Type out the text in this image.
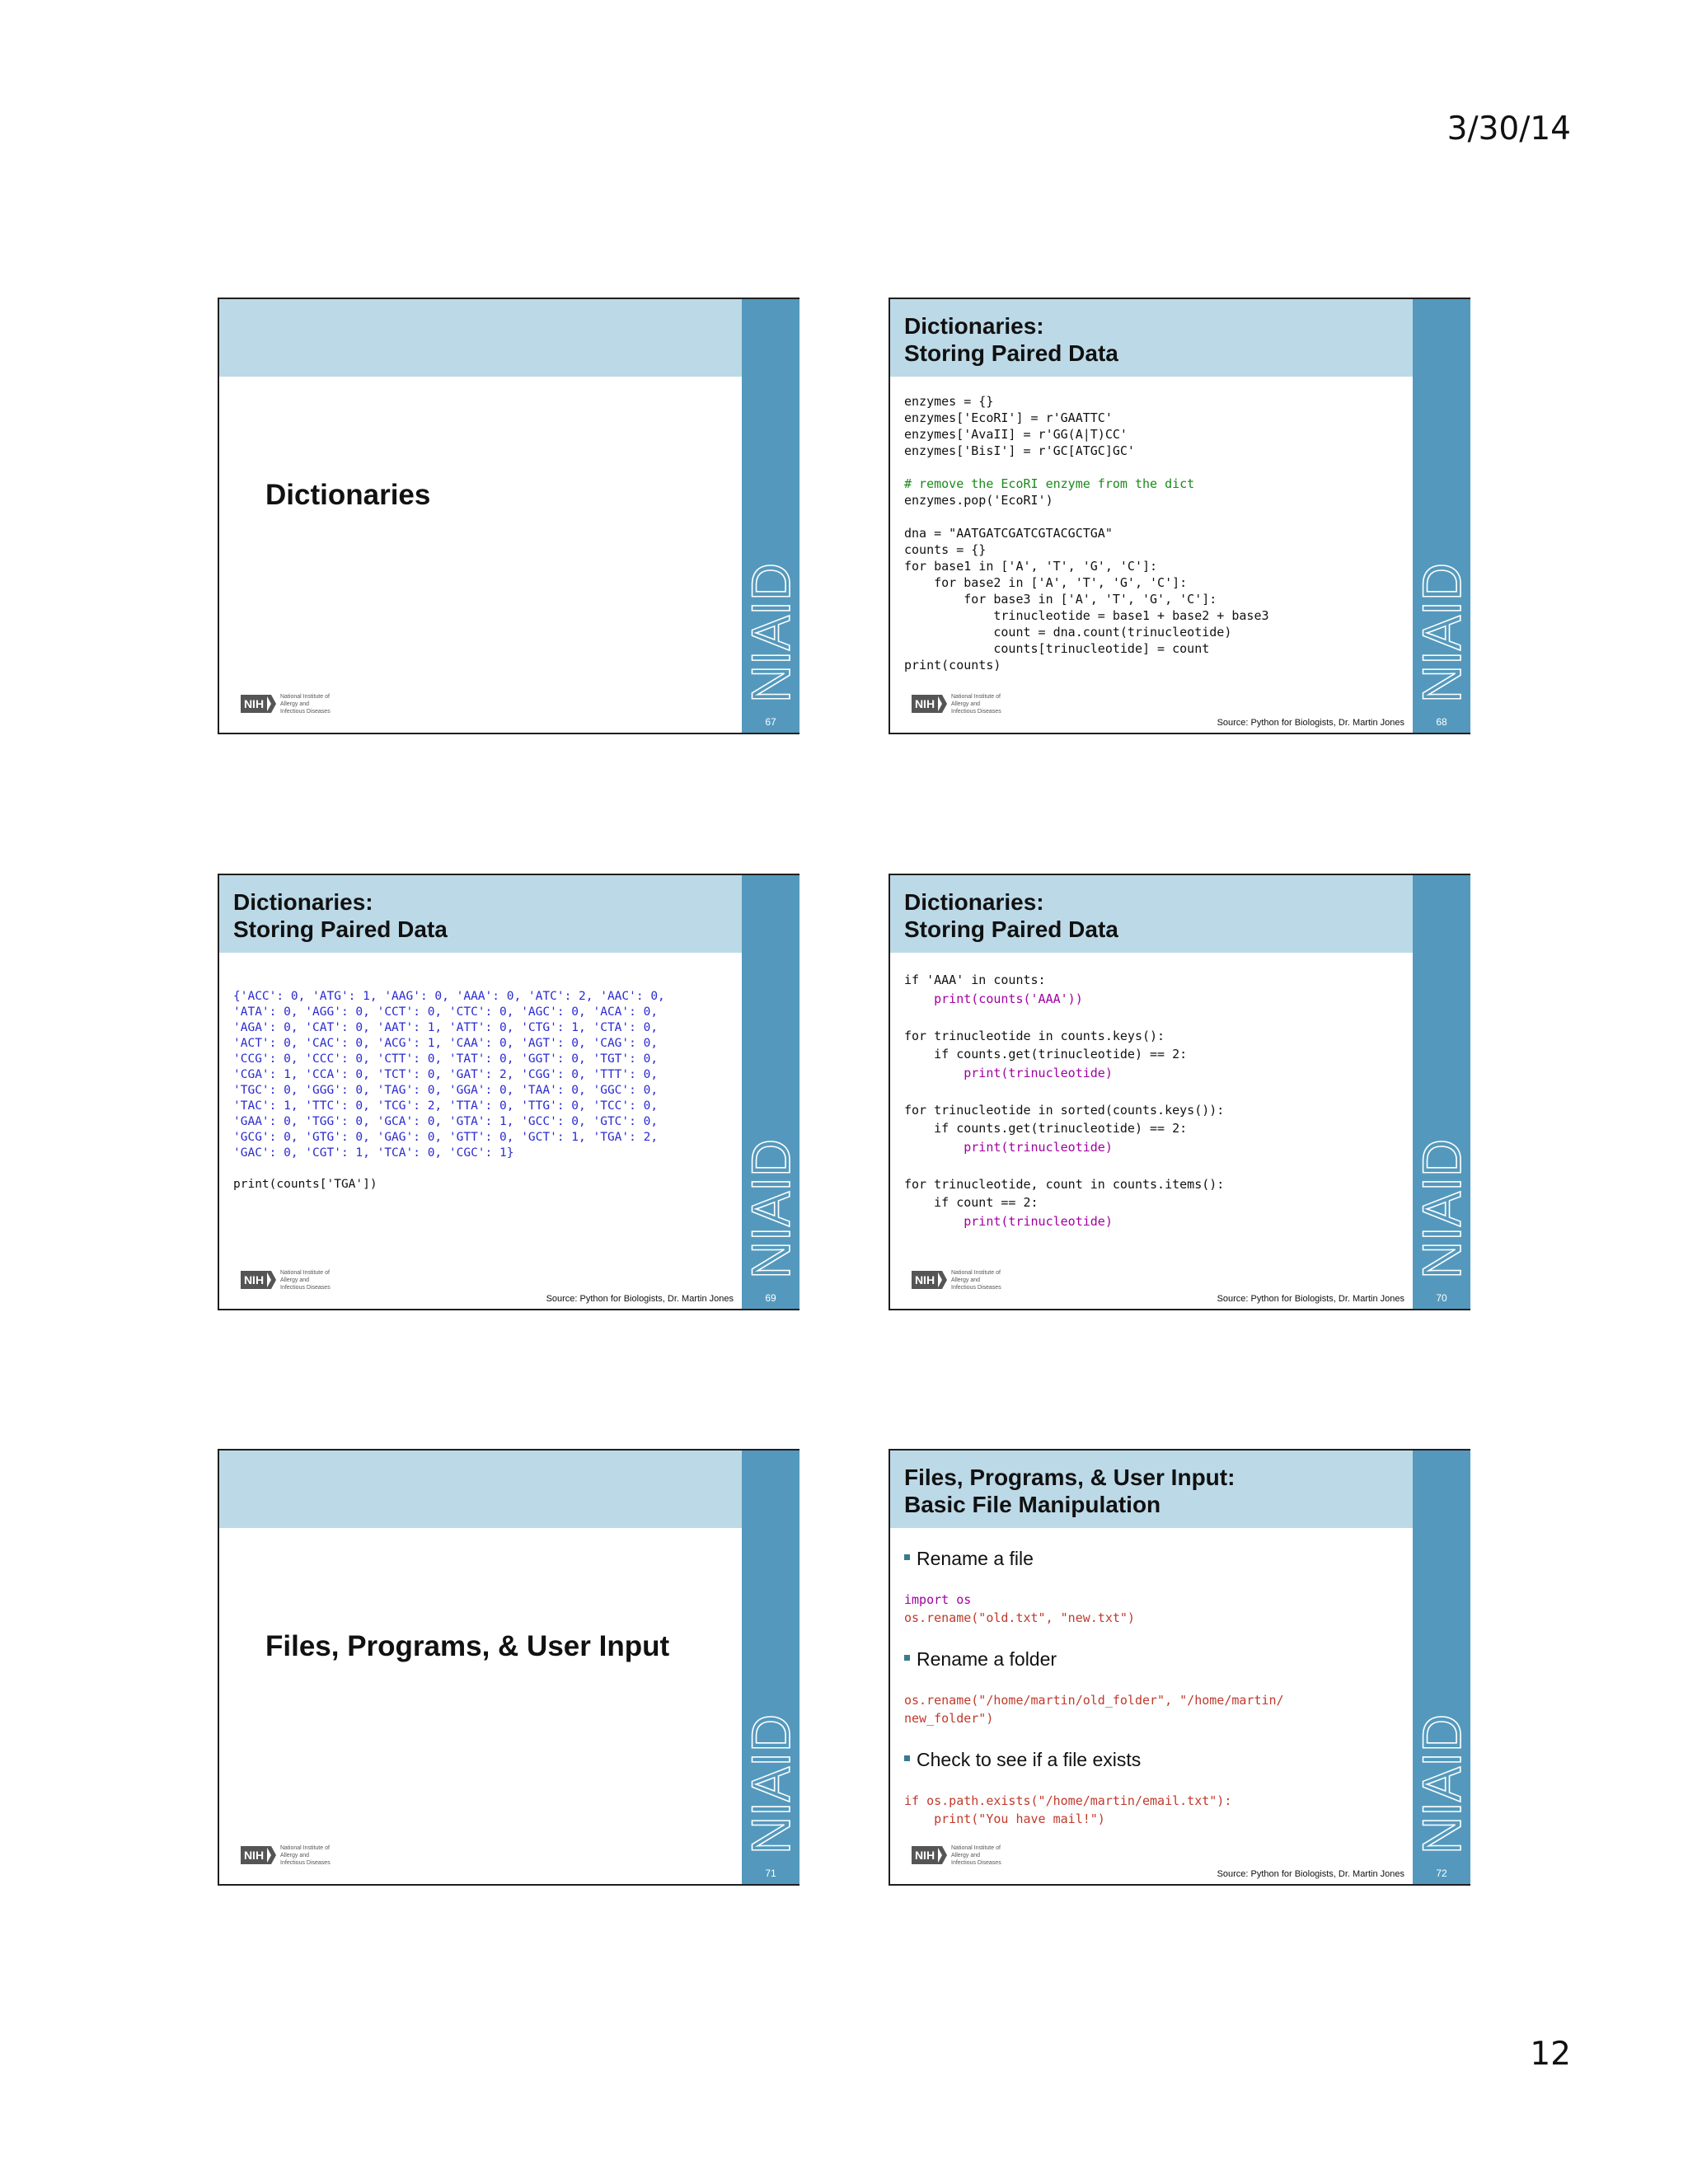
3/30/14
Dictionaries
NIH
National Institute of
Allergy and
Infectious Diseases
NIAID
67
Dictionaries:
Storing Paired Data
enzymes = {}
enzymes['EcoRI'] = r'GAATTC'
enzymes['AvaII] = r'GG(A|T)CC'
enzymes['BisI'] = r'GC[ATGC]GC'

# remove the EcoRI enzyme from the dict
enzymes.pop('EcoRI')

dna = "AATGATCGATCGTACGCTGA"
counts = {}
for base1 in ['A', 'T', 'G', 'C']:
for base2 in ['A', 'T', 'G', 'C']:
for base3 in ['A', 'T', 'G', 'C']:
trinucleotide = base1 + base2 + base3
count = dna.count(trinucleotide)
counts[trinucleotide] = count
print(counts)
NIH
National Institute of
Allergy and
Infectious Diseases
Source: Python for Biologists, Dr. Martin Jones
NIAID
68
Dictionaries:
Storing Paired Data
{'ACC': 0, 'ATG': 1, 'AAG': 0, 'AAA': 0, 'ATC': 2, 'AAC': 0,
'ATA': 0, 'AGG': 0, 'CCT': 0, 'CTC': 0, 'AGC': 0, 'ACA': 0,
'AGA': 0, 'CAT': 0, 'AAT': 1, 'ATT': 0, 'CTG': 1, 'CTA': 0,
'ACT': 0, 'CAC': 0, 'ACG': 1, 'CAA': 0, 'AGT': 0, 'CAG': 0,
'CCG': 0, 'CCC': 0, 'CTT': 0, 'TAT': 0, 'GGT': 0, 'TGT': 0,
'CGA': 1, 'CCA': 0, 'TCT': 0, 'GAT': 2, 'CGG': 0, 'TTT': 0,
'TGC': 0, 'GGG': 0, 'TAG': 0, 'GGA': 0, 'TAA': 0, 'GGC': 0,
'TAC': 1, 'TTC': 0, 'TCG': 2, 'TTA': 0, 'TTG': 0, 'TCC': 0,
'GAA': 0, 'TGG': 0, 'GCA': 0, 'GTA': 1, 'GCC': 0, 'GTC': 0,
'GCG': 0, 'GTG': 0, 'GAG': 0, 'GTT': 0, 'GCT': 1, 'TGA': 2,
'GAC': 0, 'CGT': 1, 'TCA': 0, 'CGC': 1}

print(counts['TGA'])
NIH
National Institute of
Allergy and
Infectious Diseases
Source: Python for Biologists, Dr. Martin Jones
NIAID
69
Dictionaries:
Storing Paired Data
if 'AAA' in counts:
print(counts('AAA'))

for trinucleotide in counts.keys():
if counts.get(trinucleotide) == 2:
print(trinucleotide)

for trinucleotide in sorted(counts.keys()):
if counts.get(trinucleotide) == 2:
print(trinucleotide)

for trinucleotide, count in counts.items():
if count == 2:
print(trinucleotide)
NIH
National Institute of
Allergy and
Infectious Diseases
Source: Python for Biologists, Dr. Martin Jones
NIAID
70
Files, Programs, & User Input
NIH
National Institute of
Allergy and
Infectious Diseases
NIAID
71
Files, Programs, & User Input:
Basic File Manipulation
Rename a file
import os
os.rename("old.txt", "new.txt")
Rename a folder
os.rename("/home/martin/old_folder", "/home/martin/
new_folder")
Check to see if a file exists
if os.path.exists("/home/martin/email.txt"):
print("You have mail!")
NIH
National Institute of
Allergy and
Infectious Diseases
Source: Python for Biologists, Dr. Martin Jones
NIAID
72
12
